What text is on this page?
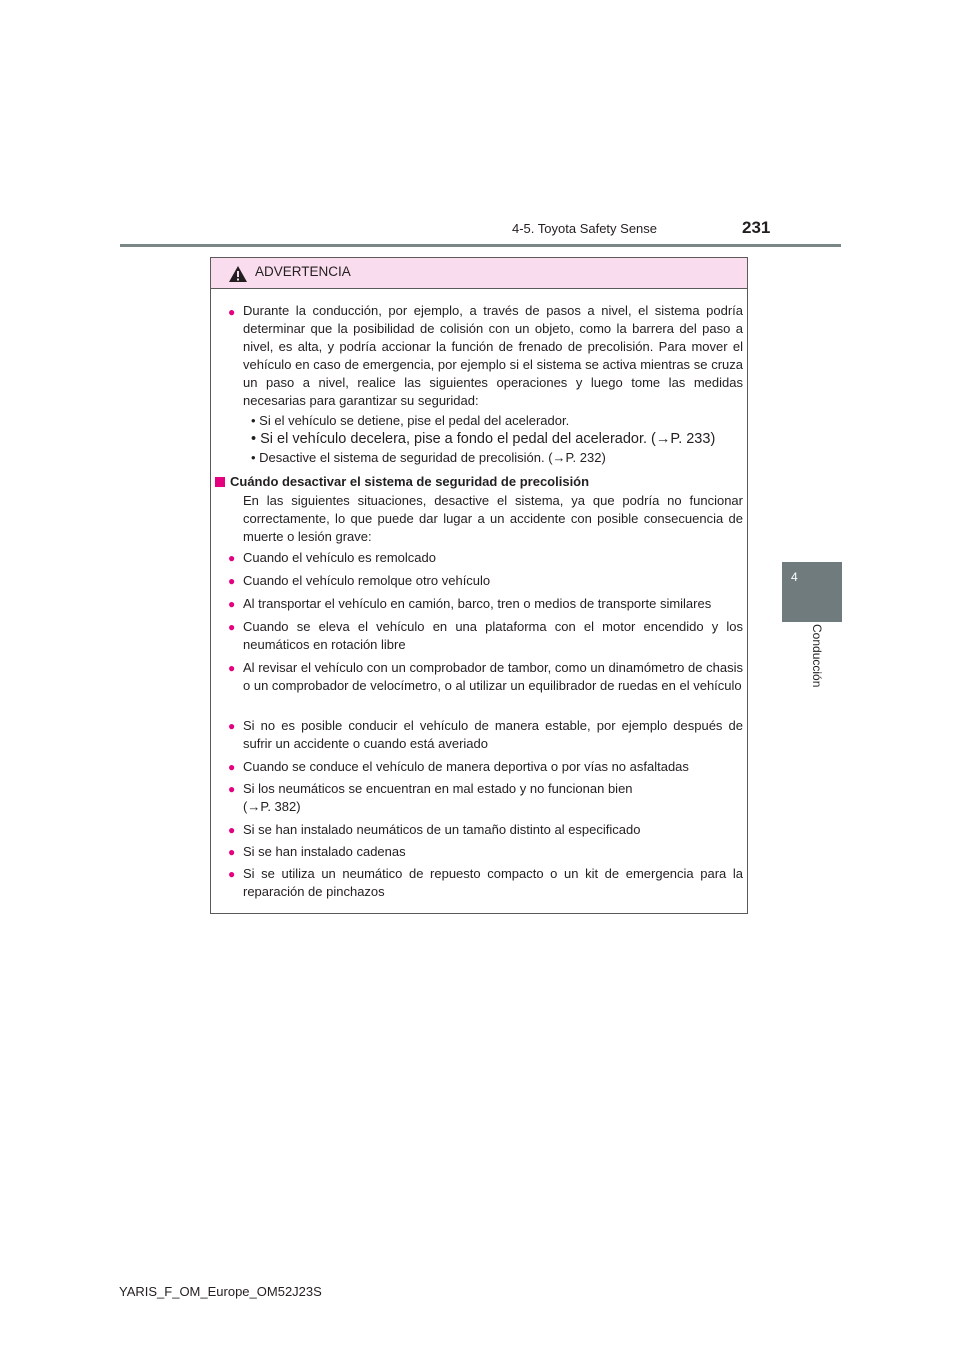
231
4-5. Toyota Safety Sense
4
Conducción
ADVERTENCIA
● Durante la conducción, por ejemplo, a través de pasos a nivel, el sistema podría determinar que la posibilidad de colisión con un objeto, como la barrera del paso a nivel, es alta, y podría accionar la función de frenado de precolisión. Para mover el vehículo en caso de emergencia, por ejemplo si el sistema se activa mientras se cruza un paso a nivel, realice las siguientes operaciones y luego tome las medidas necesarias para garantizar su seguridad:
• Si el vehículo se detiene, pise el pedal del acelerador.
• Si el vehículo decelera, pise a fondo el pedal del acelerador. (→P. 233)
• Desactive el sistema de seguridad de precolisión. (→P. 232)
Cuándo desactivar el sistema de seguridad de precolisión
En las siguientes situaciones, desactive el sistema, ya que podría no funcionar correctamente, lo que puede dar lugar a un accidente con posible consecuencia de muerte o lesión grave:
● Cuando el vehículo es remolcado
● Cuando el vehículo remolque otro vehículo
● Al transportar el vehículo en camión, barco, tren o medios de transporte similares
● Cuando se eleva el vehículo en una plataforma con el motor encendido y los neumáticos en rotación libre
● Al revisar el vehículo con un comprobador de tambor, como un dinamómetro de chasis o un comprobador de velocímetro, o al utilizar un equilibrador de ruedas en el vehículo
● Si no es posible conducir el vehículo de manera estable, por ejemplo después de sufrir un accidente o cuando está averiado
● Cuando se conduce el vehículo de manera deportiva o por vías no asfaltadas
● Si los neumáticos se encuentran en mal estado y no funcionan bien (→P. 382)
● Si se han instalado neumáticos de un tamaño distinto al especificado
● Si se han instalado cadenas
● Si se utiliza un neumático de repuesto compacto o un kit de emergencia para la reparación de pinchazos
YARIS_F_OM_Europe_OM52J23S
